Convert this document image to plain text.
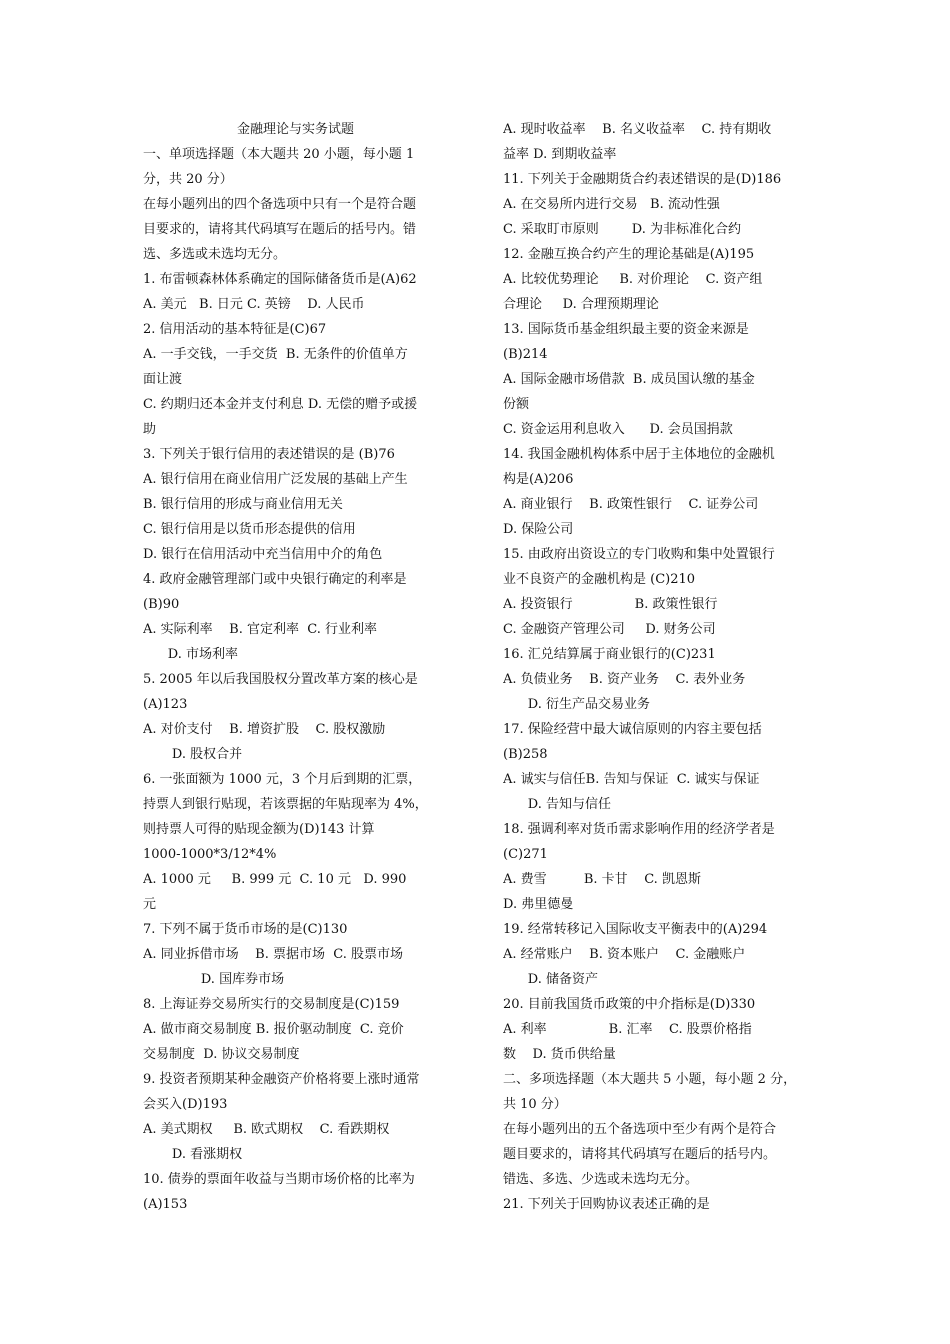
金融理论与实务试题
一、单项选择题（本大题共 20 小题，每小题 1
分，共 20 分）
在每小题列出的四个备选项中只有一个是符合题
目要求的，请将其代码填写在题后的括号内。错
选、多选或未选均无分。
1. 布雷顿森林体系确定的国际储备货币是(A)62
A. 美元   B. 日元 C. 英镑    D. 人民币
2. 信用活动的基本特征是(C)67
A. 一手交钱，一手交货  B. 无条件的价值单方
面让渡
C. 约期归还本金并支付利息 D. 无偿的赠予或援
助
3. 下列关于银行信用的表述错误的是 (B)76
A. 银行信用在商业信用广泛发展的基础上产生
B. 银行信用的形成与商业信用无关
C. 银行信用是以货币形态提供的信用
D. 银行在信用活动中充当信用中介的角色
4. 政府金融管理部门或中央银行确定的利率是
(B)90
A. 实际利率    B. 官定利率  C. 行业利率
D. 市场利率
5. 2005 年以后我国股权分置改革方案的核心是
(A)123
A. 对价支付    B. 增资扩股    C. 股权激励
D. 股权合并
6. 一张面额为 1000 元，3 个月后到期的汇票，
持票人到银行贴现，若该票据的年贴现率为 4%，
则持票人可得的贴现金额为(D)143 计算
1000-1000*3/12*4%
A. 1000 元     B. 999 元  C. 10 元   D. 990
元
7. 下列不属于货币市场的是(C)130
A. 同业拆借市场    B. 票据市场  C. 股票市场
D. 国库券市场
8. 上海证券交易所实行的交易制度是(C)159
A. 做市商交易制度 B. 报价驱动制度  C. 竞价
交易制度  D. 协议交易制度
9. 投资者预期某种金融资产价格将要上涨时通常
会买入(D)193
A. 美式期权     B. 欧式期权    C. 看跌期权
D. 看涨期权
10. 债券的票面年收益与当期市场价格的比率为
(A)153
A. 现时收益率    B. 名义收益率    C. 持有期收
益率 D. 到期收益率
11. 下列关于金融期货合约表述错误的是(D)186
A. 在交易所内进行交易   B. 流动性强
C. 采取盯市原则        D. 为非标准化合约
12. 金融互换合约产生的理论基础是(A)195
A. 比较优势理论     B. 对价理论    C. 资产组
合理论     D. 合理预期理论
13. 国际货币基金组织最主要的资金来源是
(B)214
A. 国际金融市场借款  B. 成员国认缴的基金
份额
C. 资金运用利息收入      D. 会员国捐款
14. 我国金融机构体系中居于主体地位的金融机
构是(A)206
A. 商业银行    B. 政策性银行    C. 证券公司
D. 保险公司
15. 由政府出资设立的专门收购和集中处置银行
业不良资产的金融机构是 (C)210
A. 投资银行               B. 政策性银行
C. 金融资产管理公司     D. 财务公司
16. 汇兑结算属于商业银行的(C)231
A. 负债业务    B. 资产业务    C. 表外业务
D. 衍生产品交易业务
17. 保险经营中最大诚信原则的内容主要包括
(B)258
A. 诚实与信任B. 告知与保证  C. 诚实与保证
D. 告知与信任
18. 强调利率对货币需求影响作用的经济学者是
(C)271
A. 费雪         B. 卡甘    C. 凯恩斯
D. 弗里德曼
19. 经常转移记入国际收支平衡表中的(A)294
A. 经常账户    B. 资本账户    C. 金融账户
D. 储备资产
20. 目前我国货币政策的中介指标是(D)330
A. 利率               B. 汇率    C. 股票价格指
数    D. 货币供给量
二、多项选择题（本大题共 5 小题，每小题 2 分，
共 10 分）
在每小题列出的五个备选项中至少有两个是符合
题目要求的，请将其代码填写在题后的括号内。
错选、多选、少选或未选均无分。
21. 下列关于回购协议表述正确的是
